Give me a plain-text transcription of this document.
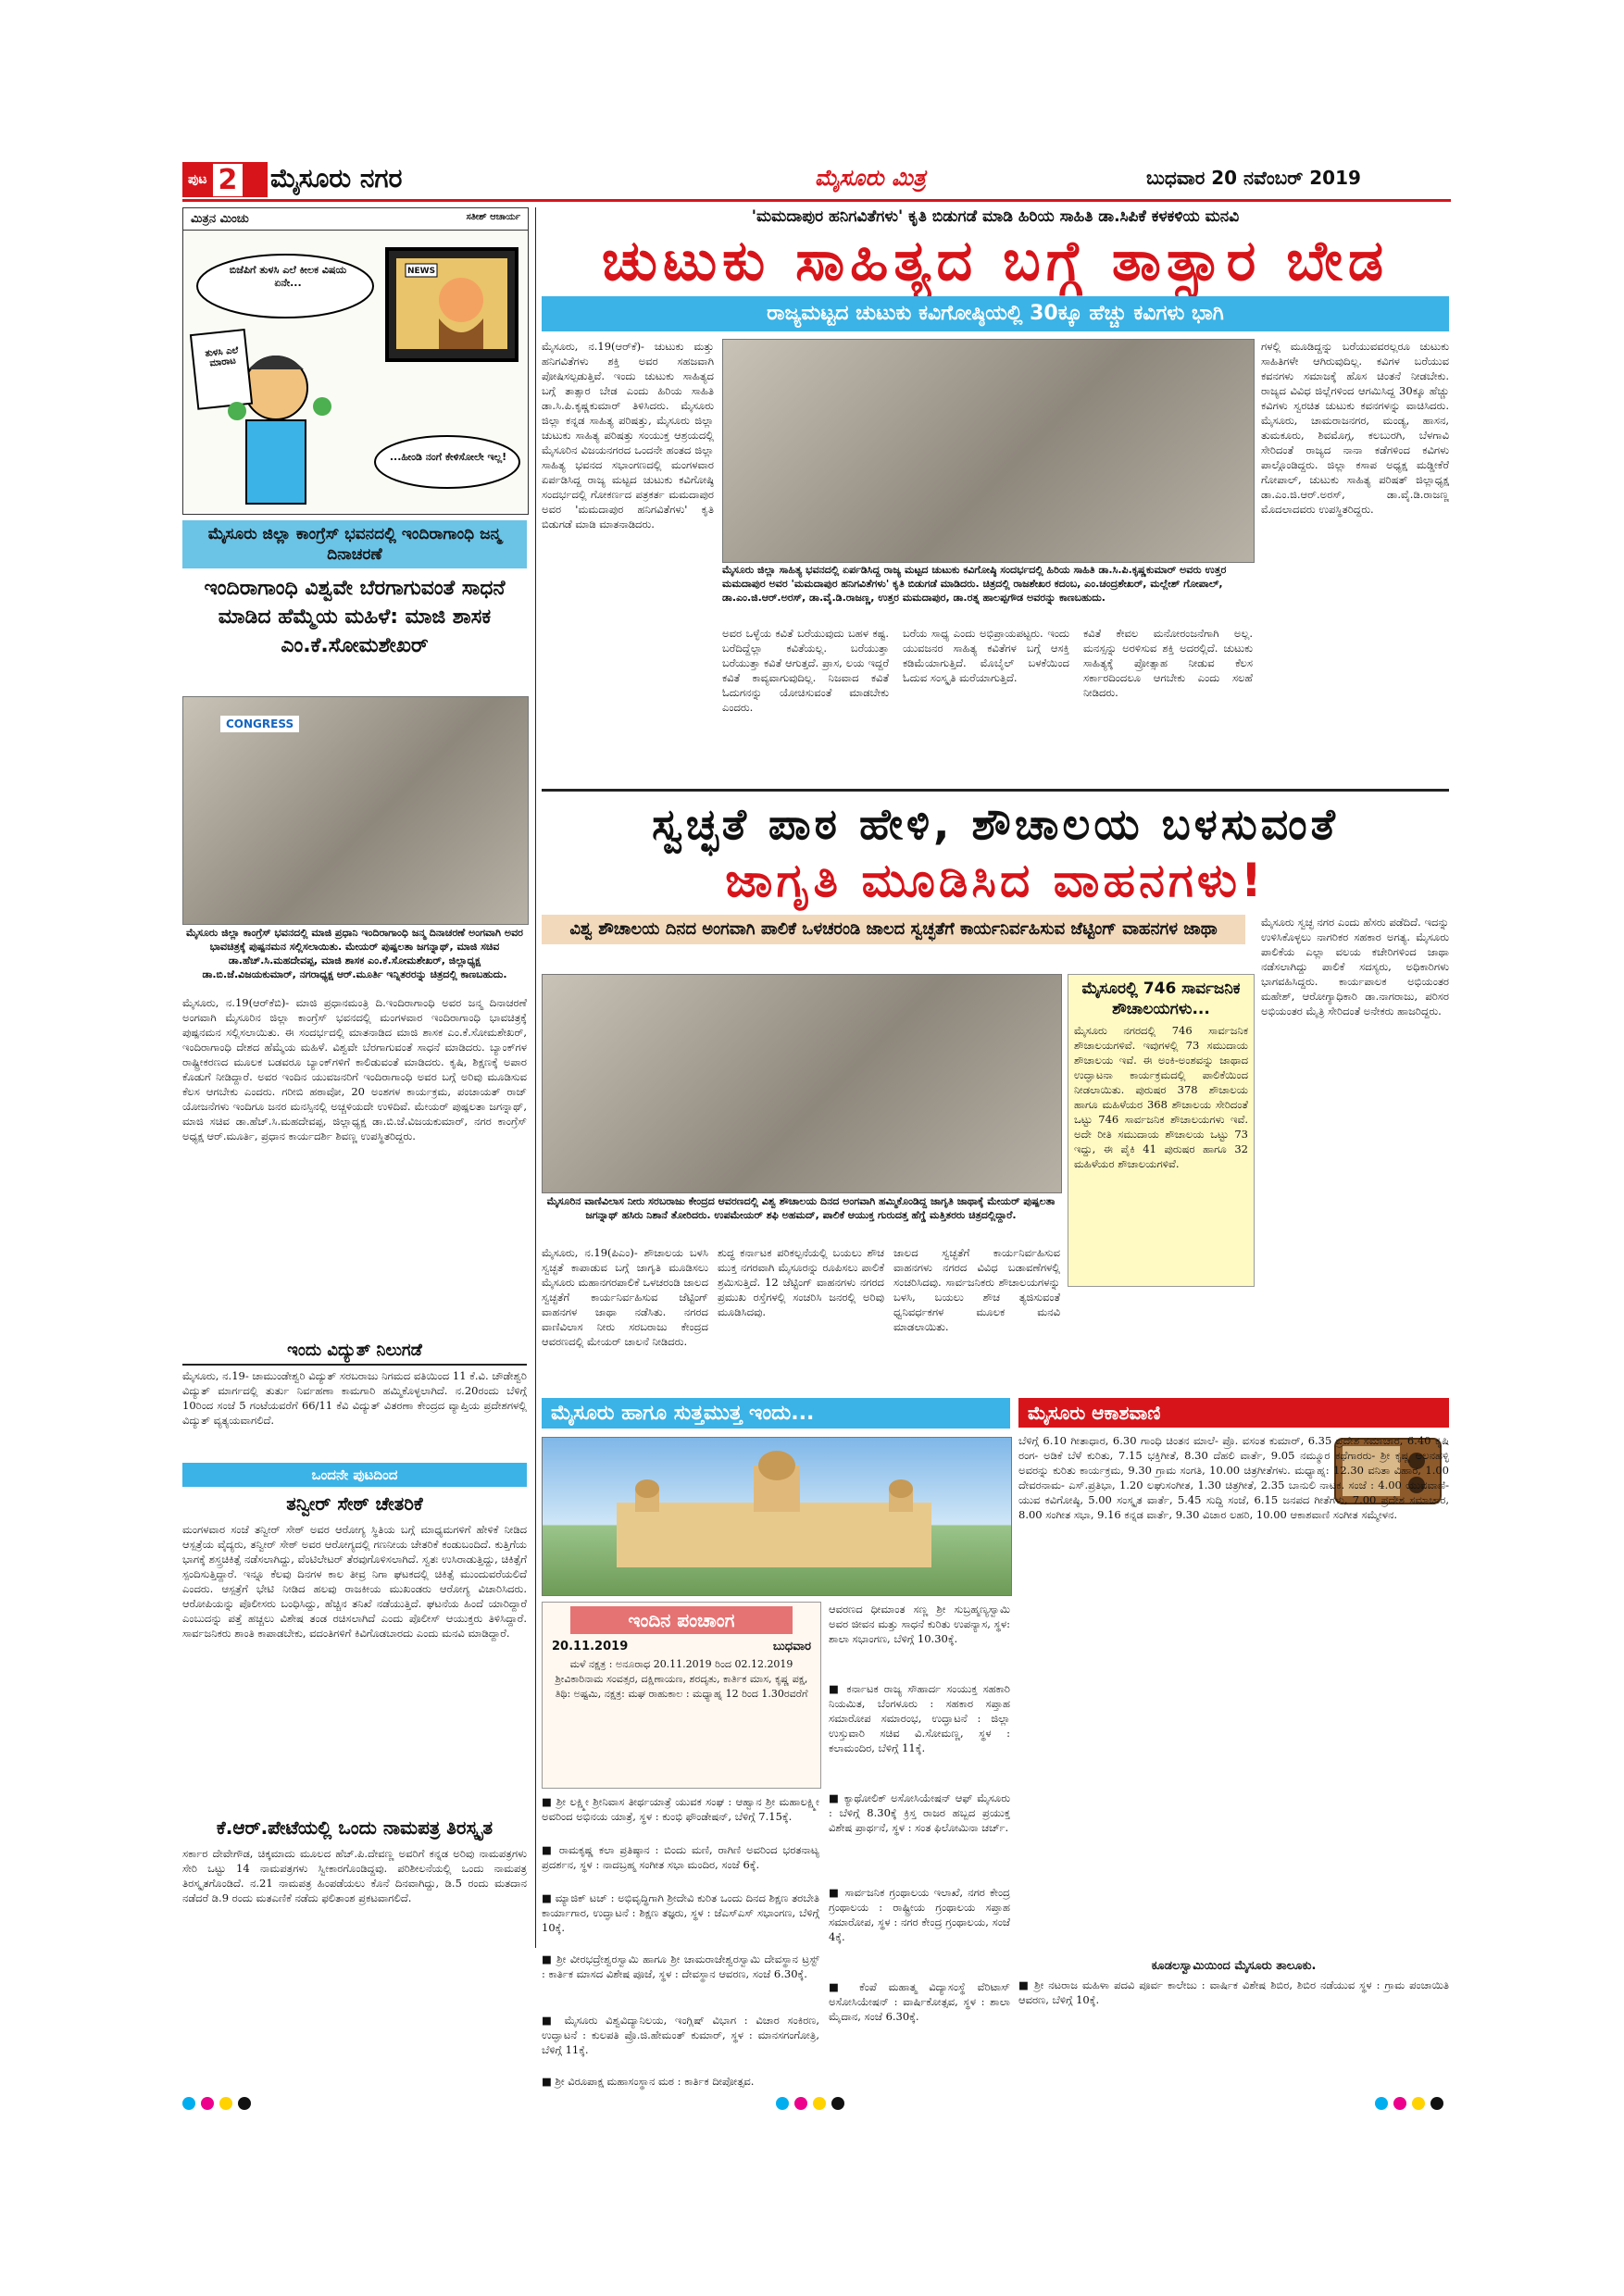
ಪುಟ 2 ಮೈಸೂರು ನಗರ	ಮೈಸೂರು ಮಿತ್ರ	ಬುಧವಾರ 20 ನವೆಂಬರ್ 2019
ಮಿತ್ರನ ಮಿಂಚು	ಸತೀಶ್ ಆಚಾರ್ಯ
ಬಿಜೆಪಿಗೆ ತುಳಸಿ ಎಲೆ ಕೀಲಕ ವಿಷಯ ಏನೇ...
NEWS
ತುಳಸಿ ಎಲೆ ಮಾರಾಟ
...ಹೀಂಡಿ ನಂಗೆ ಕೇಳಿಸೋಲೇ ಇಲ್ಲ!
ಮೈಸೂರು ಜಿಲ್ಲಾ ಕಾಂಗ್ರೆಸ್ ಭವನದಲ್ಲಿ ಇಂದಿರಾಗಾಂಧಿ ಜನ್ಮ ದಿನಾಚರಣೆ
ಇಂದಿರಾಗಾಂಧಿ ವಿಶ್ವವೇ ಬೆರಗಾಗುವಂತೆ ಸಾಧನೆ ಮಾಡಿದ ಹೆಮ್ಮೆಯ ಮಹಿಳೆ: ಮಾಜಿ ಶಾಸಕ ಎಂ.ಕೆ.ಸೋಮಶೇಖರ್
CONGRESS
ಮೈಸೂರು ಜಿಲ್ಲಾ ಕಾಂಗ್ರೆಸ್ ಭವನದಲ್ಲಿ ಮಾಜಿ ಪ್ರಧಾನಿ ಇಂದಿರಾಗಾಂಧಿ ಜನ್ಮ ದಿನಾಚರಣೆ ಅಂಗವಾಗಿ ಅವರ ಭಾವಚಿತ್ರಕ್ಕೆ ಪುಷ್ಪನಮನ ಸಲ್ಲಿಸಲಾಯಿತು. ಮೇಯರ್ ಪುಷ್ಪಲತಾ ಜಗನ್ನಾಥ್, ಮಾಜಿ ಸಚಿವ ಡಾ.ಹೆಚ್.ಸಿ.ಮಹದೇವಪ್ಪ, ಮಾಜಿ ಶಾಸಕ ಎಂ.ಕೆ.ಸೋಮಶೇಖರ್, ಜಿಲ್ಲಾಧ್ಯಕ್ಷ ಡಾ.ಬಿ.ಜೆ.ವಿಜಯಕುಮಾರ್, ನಗರಾಧ್ಯಕ್ಷ ಆರ್.ಮೂರ್ತಿ ಇನ್ನಿತರರನ್ನು ಚಿತ್ರದಲ್ಲಿ ಕಾಣಬಹುದು.
ಮೈಸೂರು, ನ.19(ಆರ್‌ಕೆಬಿ)- ಮಾಜಿ ಪ್ರಧಾನಮಂತ್ರಿ ದಿ.ಇಂದಿರಾಗಾಂಧಿ ಅವರ ಜನ್ಮ ದಿನಾಚರಣೆ ಅಂಗವಾಗಿ ಮೈಸೂರಿನ ಜಿಲ್ಲಾ ಕಾಂಗ್ರೆಸ್ ಭವನದಲ್ಲಿ ಮಂಗಳವಾರ ಇಂದಿರಾಗಾಂಧಿ ಭಾವಚಿತ್ರಕ್ಕೆ ಪುಷ್ಪನಮನ ಸಲ್ಲಿಸಲಾಯಿತು. ಈ ಸಂದರ್ಭದಲ್ಲಿ ಮಾತನಾಡಿದ ಮಾಜಿ ಶಾಸಕ ಎಂ.ಕೆ.ಸೋಮಶೇಖರ್, ಇಂದಿರಾಗಾಂಧಿ ದೇಶದ ಹೆಮ್ಮೆಯ ಮಹಿಳೆ. ವಿಶ್ವವೇ ಬೆರಗಾಗುವಂತೆ ಸಾಧನೆ ಮಾಡಿದರು. ಬ್ಯಾಂಕ್‌ಗಳ ರಾಷ್ಟ್ರೀಕರಣದ ಮೂಲಕ ಬಡವರೂ ಬ್ಯಾಂಕ್‌ಗಳಿಗೆ ಕಾಲಿಡುವಂತೆ ಮಾಡಿದರು. ಕೃಷಿ, ಶಿಕ್ಷಣಕ್ಕೆ ಅಪಾರ ಕೊಡುಗೆ ನೀಡಿದ್ದಾರೆ. ಅವರ ಇಂದಿನ ಯುವಜನರಿಗೆ ಇಂದಿರಾಗಾಂಧಿ ಅವರ ಬಗ್ಗೆ ಅರಿವು ಮೂಡಿಸುವ ಕೆಲಸ ಆಗಬೇಕು ಎಂದರು. ಗರೀಬಿ ಹಠಾವೋ, 20 ಅಂಶಗಳ ಕಾರ್ಯಕ್ರಮ, ಪಂಚಾಯತ್ ರಾಜ್ ಯೋಜನೆಗಳು ಇಂದಿಗೂ ಜನರ ಮನಸ್ಸಿನಲ್ಲಿ ಅಚ್ಚಳಿಯದೇ ಉಳಿದಿವೆ. ಮೇಯರ್ ಪುಷ್ಪಲತಾ ಜಗನ್ನಾಥ್, ಮಾಜಿ ಸಚಿವ ಡಾ.ಹೆಚ್.ಸಿ.ಮಹದೇವಪ್ಪ, ಜಿಲ್ಲಾಧ್ಯಕ್ಷ ಡಾ.ಬಿ.ಜೆ.ವಿಜಯಕುಮಾರ್, ನಗರ ಕಾಂಗ್ರೆಸ್ ಅಧ್ಯಕ್ಷ ಆರ್.ಮೂರ್ತಿ, ಪ್ರಧಾನ ಕಾರ್ಯದರ್ಶಿ ಶಿವಣ್ಣ ಉಪಸ್ಥಿತರಿದ್ದರು.
ಇಂದು ವಿದ್ಯುತ್ ನಿಲುಗಡೆ
ಮೈಸೂರು, ನ.19- ಚಾಮುಂಡೇಶ್ವರಿ ವಿದ್ಯುತ್ ಸರಬರಾಜು ನಿಗಮದ ವತಿಯಿಂದ 11 ಕೆ.ವಿ. ಚೌಡೇಶ್ವರಿ ವಿದ್ಯುತ್ ಮಾರ್ಗದಲ್ಲಿ ತುರ್ತು ನಿರ್ವಹಣಾ ಕಾಮಗಾರಿ ಹಮ್ಮಿಕೊಳ್ಳಲಾಗಿದೆ. ನ.20ರಂದು ಬೆಳಿಗ್ಗೆ 10ರಿಂದ ಸಂಜೆ 5 ಗಂಟೆಯವರೆಗೆ 66/11 ಕೆವಿ ವಿದ್ಯುತ್ ವಿತರಣಾ ಕೇಂದ್ರದ ವ್ಯಾಪ್ತಿಯ ಪ್ರದೇಶಗಳಲ್ಲಿ ವಿದ್ಯುತ್ ವ್ಯತ್ಯಯವಾಗಲಿದೆ.
ಒಂದನೇ ಪುಟದಿಂದ
ತನ್ವೀರ್ ಸೇಠ್ ಚೇತರಿಕೆ
ಮಂಗಳವಾರ ಸಂಜೆ ತನ್ವೀರ್ ಸೇಠ್ ಅವರ ಆರೋಗ್ಯ ಸ್ಥಿತಿಯ ಬಗ್ಗೆ ಮಾಧ್ಯಮಗಳಿಗೆ ಹೇಳಿಕೆ ನೀಡಿದ ಆಸ್ಪತ್ರೆಯ ವೈದ್ಯರು, ತನ್ವೀರ್ ಸೇಠ್ ಅವರ ಆರೋಗ್ಯದಲ್ಲಿ ಗಣನೀಯ ಚೇತರಿಕೆ ಕಂಡುಬಂದಿದೆ. ಕುತ್ತಿಗೆಯ ಭಾಗಕ್ಕೆ ಶಸ್ತ್ರಚಿಕಿತ್ಸೆ ನಡೆಸಲಾಗಿದ್ದು, ವೆಂಟಿಲೇಟರ್ ತೆರವುಗೊಳಿಸಲಾಗಿದೆ. ಸ್ವತಃ ಉಸಿರಾಡುತ್ತಿದ್ದು, ಚಿಕಿತ್ಸೆಗೆ ಸ್ಪಂದಿಸುತ್ತಿದ್ದಾರೆ. ಇನ್ನೂ ಕೆಲವು ದಿನಗಳ ಕಾಲ ತೀವ್ರ ನಿಗಾ ಘಟಕದಲ್ಲಿ ಚಿಕಿತ್ಸೆ ಮುಂದುವರೆಯಲಿದೆ ಎಂದರು. ಆಸ್ಪತ್ರೆಗೆ ಭೇಟಿ ನೀಡಿದ ಹಲವು ರಾಜಕೀಯ ಮುಖಂಡರು ಆರೋಗ್ಯ ವಿಚಾರಿಸಿದರು. ಆರೋಪಿಯನ್ನು ಪೊಲೀಸರು ಬಂಧಿಸಿದ್ದು, ಹೆಚ್ಚಿನ ತನಿಖೆ ನಡೆಯುತ್ತಿದೆ. ಘಟನೆಯ ಹಿಂದೆ ಯಾರಿದ್ದಾರೆ ಎಂಬುದನ್ನು ಪತ್ತೆ ಹಚ್ಚಲು ವಿಶೇಷ ತಂಡ ರಚಿಸಲಾಗಿದೆ ಎಂದು ಪೊಲೀಸ್ ಆಯುಕ್ತರು ತಿಳಿಸಿದ್ದಾರೆ. ಸಾರ್ವಜನಿಕರು ಶಾಂತಿ ಕಾಪಾಡಬೇಕು, ವದಂತಿಗಳಿಗೆ ಕಿವಿಗೊಡಬಾರದು ಎಂದು ಮನವಿ ಮಾಡಿದ್ದಾರೆ.
ಕೆ.ಆರ್.ಪೇಟೆಯಲ್ಲಿ ಒಂದು ನಾಮಪತ್ರ ತಿರಸ್ಕೃತ
ಸರ್ಕಾರ ದೇವೇಗೌಡ, ಚಿಕ್ಕಮಾದು ಮೂಲದ ಹೆಚ್.ಪಿ.ದೇವಣ್ಣ ಅವರಿಗೆ ಕನ್ನಡ ಅರಿವು ನಾಮಪತ್ರಗಳು ಸೇರಿ ಒಟ್ಟು 14 ನಾಮಪತ್ರಗಳು ಸ್ವೀಕಾರಗೊಂಡಿದ್ದವು. ಪರಿಶೀಲನೆಯಲ್ಲಿ ಒಂದು ನಾಮಪತ್ರ ತಿರಸ್ಕೃತಗೊಂಡಿದೆ. ನ.21 ನಾಮಪತ್ರ ಹಿಂಪಡೆಯಲು ಕೊನೆ ದಿನವಾಗಿದ್ದು, ಡಿ.5 ರಂದು ಮತದಾನ ನಡೆದರೆ ಡಿ.9 ರಂದು ಮತಎಣಿಕೆ ನಡೆದು ಫಲಿತಾಂಶ ಪ್ರಕಟವಾಗಲಿದೆ.
'ಮಮದಾಪುರ ಹನಿಗವಿತೆಗಳು' ಕೃತಿ ಬಿಡುಗಡೆ ಮಾಡಿ ಹಿರಿಯ ಸಾಹಿತಿ ಡಾ.ಸಿಪಿಕೆ ಕಳಕಳಿಯ ಮನವಿ
ಚುಟುಕು ಸಾಹಿತ್ಯದ ಬಗ್ಗೆ ತಾತ್ಸಾರ ಬೇಡ
ರಾಜ್ಯಮಟ್ಟದ ಚುಟುಕು ಕವಿಗೋಷ್ಠಿಯಲ್ಲಿ 30ಕ್ಕೂ ಹೆಚ್ಚು ಕವಿಗಳು ಭಾಗಿ
ಮೈಸೂರು, ನ.19(ಆರ್‌ಕೆ)- ಚುಟುಕು ಮತ್ತು ಹನಿಗವಿತೆಗಳು ಶಕ್ತಿ ಅವರ ಸಹಜವಾಗಿ ಪೋಷಿಸಲ್ಪಡುತ್ತಿವೆ. ಇಂದು ಚುಟುಕು ಸಾಹಿತ್ಯದ ಬಗ್ಗೆ ತಾತ್ಸಾರ ಬೇಡ ಎಂದು ಹಿರಿಯ ಸಾಹಿತಿ ಡಾ.ಸಿ.ಪಿ.ಕೃಷ್ಣಕುಮಾರ್ ತಿಳಿಸಿದರು. ಮೈಸೂರು ಜಿಲ್ಲಾ ಕನ್ನಡ ಸಾಹಿತ್ಯ ಪರಿಷತ್ತು, ಮೈಸೂರು ಜಿಲ್ಲಾ ಚುಟುಕು ಸಾಹಿತ್ಯ ಪರಿಷತ್ತು ಸಂಯುಕ್ತ ಆಶ್ರಯದಲ್ಲಿ ಮೈಸೂರಿನ ವಿಜಯನಗರದ ಒಂದನೇ ಹಂತದ ಜಿಲ್ಲಾ ಸಾಹಿತ್ಯ ಭವನದ ಸಭಾಂಗಣದಲ್ಲಿ ಮಂಗಳವಾರ ಏರ್ಪಡಿಸಿದ್ದ ರಾಜ್ಯ ಮಟ್ಟದ ಚುಟುಕು ಕವಿಗೋಷ್ಠಿ ಸಂದರ್ಭದಲ್ಲಿ ಗೋಕರ್ಣದ ಪತ್ರಕರ್ತ ಮಮದಾಪುರ ಅವರ 'ಮಮದಾಪುರ ಹನಿಗವಿತೆಗಳು' ಕೃತಿ ಬಿಡುಗಡೆ ಮಾಡಿ ಮಾತನಾಡಿದರು.
ಮೈಸೂರು ಜಿಲ್ಲಾ ಸಾಹಿತ್ಯ ಭವನದಲ್ಲಿ ಏರ್ಪಡಿಸಿದ್ದ ರಾಜ್ಯ ಮಟ್ಟದ ಚುಟುಕು ಕವಿಗೋಷ್ಠಿ ಸಂದರ್ಭದಲ್ಲಿ ಹಿರಿಯ ಸಾಹಿತಿ ಡಾ.ಸಿ.ಪಿ.ಕೃಷ್ಣಕುಮಾರ್ ಅವರು ಉತ್ತರ ಮಮದಾಪುರ ಅವರ 'ಮಮದಾಪುರ ಹನಿಗವಿತೆಗಳು' ಕೃತಿ ಬಿಡುಗಡೆ ಮಾಡಿದರು. ಚಿತ್ರದಲ್ಲಿ ರಾಜಶೇಖರ ಕದಂಬ, ಎಂ.ಚಂದ್ರಶೇಖರ್, ಮಲ್ಲೇಶ್ ಗೋಪಾಲ್, ಡಾ.ಎಂ.ಜಿ.ಆರ್.ಅರಸ್, ಡಾ.ವೈ.ಡಿ.ರಾಜಣ್ಣ, ಉತ್ತರ ಮಮದಾಪುರ, ಡಾ.ರತ್ನ ಹಾಲಪ್ಪಗೌಡ ಅವರನ್ನು ಕಾಣಬಹುದು.
ಗಳಲ್ಲಿ ಮೂಡಿದ್ದನ್ನು ಬರೆಯುವವರಲ್ಲರೂ ಚುಟುಕು ಸಾಹಿತಿಗಳೇ ಆಗಿರುವುದಿಲ್ಲ. ಕವಿಗಳ ಬರೆಯುವ ಕವನಗಳು ಸಮಾಜಕ್ಕೆ ಹೊಸ ಚಿಂತನೆ ನೀಡಬೇಕು. ರಾಜ್ಯದ ವಿವಿಧ ಜಿಲ್ಲೆಗಳಿಂದ ಆಗಮಿಸಿದ್ದ 30ಕ್ಕೂ ಹೆಚ್ಚು ಕವಿಗಳು ಸ್ವರಚಿತ ಚುಟುಕು ಕವನಗಳನ್ನು ವಾಚಿಸಿದರು. ಮೈಸೂರು, ಚಾಮರಾಜನಗರ, ಮಂಡ್ಯ, ಹಾಸನ, ತುಮಕೂರು, ಶಿವಮೊಗ್ಗ, ಕಲಬುರಗಿ, ಬೆಳಗಾವಿ ಸೇರಿದಂತೆ ರಾಜ್ಯದ ನಾನಾ ಕಡೆಗಳಿಂದ ಕವಿಗಳು ಪಾಲ್ಗೊಂಡಿದ್ದರು. ಜಿಲ್ಲಾ ಕಸಾಪ ಅಧ್ಯಕ್ಷ ಮಡ್ಡೀಕೆರೆ ಗೋಪಾಲ್, ಚುಟುಕು ಸಾಹಿತ್ಯ ಪರಿಷತ್ ಜಿಲ್ಲಾಧ್ಯಕ್ಷ ಡಾ.ಎಂ.ಜಿ.ಆರ್.ಅರಸ್, ಡಾ.ವೈ.ಡಿ.ರಾಜಣ್ಣ ಮೊದಲಾದವರು ಉಪಸ್ಥಿತರಿದ್ದರು.
ಅವರ ಒಳ್ಳೆಯ ಕವಿತೆ ಬರೆಯುವುದು ಬಹಳ ಕಷ್ಟ. ಬರೆದಿದ್ದೆಲ್ಲಾ ಕವಿತೆಯಲ್ಲ. ಬರೆಯುತ್ತಾ ಬರೆಯುತ್ತಾ ಕವಿತೆ ಆಗುತ್ತದೆ. ಪ್ರಾಸ, ಲಯ ಇದ್ದರೆ ಕವಿತೆ ಕಾವ್ಯವಾಗುವುದಿಲ್ಲ. ನಿಜವಾದ ಕವಿತೆ ಓದುಗನನ್ನು ಯೋಚಿಸುವಂತೆ ಮಾಡಬೇಕು ಎಂದರು.
ಬರೆಯ ಸಾಧ್ಯ ಎಂದು ಅಭಿಪ್ರಾಯಪಟ್ಟರು. ಇಂದು ಯುವಜನರ ಸಾಹಿತ್ಯ ಕವಿತೆಗಳ ಬಗ್ಗೆ ಆಸಕ್ತಿ ಕಡಿಮೆಯಾಗುತ್ತಿದೆ. ಮೊಬೈಲ್ ಬಳಕೆಯಿಂದ ಓದುವ ಸಂಸ್ಕೃತಿ ಮರೆಯಾಗುತ್ತಿದೆ.
ಕವಿತೆ ಕೇವಲ ಮನೋರಂಜನೆಗಾಗಿ ಅಲ್ಲ. ಮನಸ್ಸನ್ನು ಅರಳಿಸುವ ಶಕ್ತಿ ಅದರಲ್ಲಿದೆ. ಚುಟುಕು ಸಾಹಿತ್ಯಕ್ಕೆ ಪ್ರೋತ್ಸಾಹ ನೀಡುವ ಕೆಲಸ ಸರ್ಕಾರದಿಂದಲೂ ಆಗಬೇಕು ಎಂದು ಸಲಹೆ ನೀಡಿದರು.
ಸ್ವಚ್ಛತೆ ಪಾಠ ಹೇಳಿ, ಶೌಚಾಲಯ ಬಳಸುವಂತೆ
ಜಾಗೃತಿ ಮೂಡಿಸಿದ ವಾಹನಗಳು!
ವಿಶ್ವ ಶೌಚಾಲಯ ದಿನದ ಅಂಗವಾಗಿ ಪಾಲಿಕೆ ಒಳಚರಂಡಿ ಜಾಲದ ಸ್ವಚ್ಛತೆಗೆ ಕಾರ್ಯನಿರ್ವಹಿಸುವ ಜೆಟ್ಟಿಂಗ್ ವಾಹನಗಳ ಜಾಥಾ	ಮೈಸೂರು ಸ್ವಚ್ಛ ನಗರ ಎಂದು ಹೆಸರು ಪಡೆದಿದೆ. ಇದನ್ನು ಉಳಿಸಿಕೊಳ್ಳಲು ನಾಗರಿಕರ ಸಹಕಾರ ಅಗತ್ಯ. ಮೈಸೂರು ಪಾಲಿಕೆಯ ಎಲ್ಲಾ ವಲಯ ಕಚೇರಿಗಳಿಂದ ಜಾಥಾ ನಡೆಸಲಾಗಿದ್ದು ಪಾಲಿಕೆ ಸದಸ್ಯರು, ಅಧಿಕಾರಿಗಳು ಭಾಗವಹಿಸಿದ್ದರು. ಕಾರ್ಯಪಾಲಕ ಅಭಿಯಂತರ ಮಹೇಶ್, ಆರೋಗ್ಯಾಧಿಕಾರಿ ಡಾ.ನಾಗರಾಜು, ಪರಿಸರ ಅಭಿಯಂತರ ಮೈತ್ರಿ ಸೇರಿದಂತೆ ಅನೇಕರು ಹಾಜರಿದ್ದರು.
ಮೈಸೂರಿನ ವಾಣಿವಿಲಾಸ ನೀರು ಸರಬರಾಜು ಕೇಂದ್ರದ ಆವರಣದಲ್ಲಿ ವಿಶ್ವ ಶೌಚಾಲಯ ದಿನದ ಅಂಗವಾಗಿ ಹಮ್ಮಿಕೊಂಡಿದ್ದ ಜಾಗೃತಿ ಜಾಥಾಕ್ಕೆ ಮೇಯರ್ ಪುಷ್ಪಲತಾ ಜಗನ್ನಾಥ್ ಹಸಿರು ನಿಶಾನೆ ತೋರಿದರು. ಉಪಮೇಯರ್ ಶಫಿ ಅಹಮದ್, ಪಾಲಿಕೆ ಆಯುಕ್ತ ಗುರುದತ್ತ ಹೆಗ್ಡೆ ಮತ್ತಿತರರು ಚಿತ್ರದಲ್ಲಿದ್ದಾರೆ.
ಮೈಸೂರಲ್ಲಿ 746 ಸಾರ್ವಜನಿಕ ಶೌಚಾಲಯಗಳು...
ಮೈಸೂರು ನಗರದಲ್ಲಿ 746 ಸಾರ್ವಜನಿಕ ಶೌಚಾಲಯಗಳಿವೆ. ಇವುಗಳಲ್ಲಿ 73 ಸಮುದಾಯ ಶೌಚಾಲಯ ಇವೆ. ಈ ಅಂಕಿ-ಅಂಶವನ್ನು ಜಾಥಾದ ಉದ್ಘಾಟನಾ ಕಾರ್ಯಕ್ರಮದಲ್ಲಿ ಪಾಲಿಕೆಯಿಂದ ನೀಡಲಾಯಿತು. ಪುರುಷರ 378 ಶೌಚಾಲಯ ಹಾಗೂ ಮಹಿಳೆಯರ 368 ಶೌಚಾಲಯ ಸೇರಿದಂತೆ ಒಟ್ಟು 746 ಸಾರ್ವಜನಿಕ ಶೌಚಾಲಯಗಳು ಇವೆ. ಅದೇ ರೀತಿ ಸಮುದಾಯ ಶೌಚಾಲಯ ಒಟ್ಟು 73 ಇದ್ದು, ಈ ಪೈಕಿ 41 ಪುರುಷರ ಹಾಗೂ 32 ಮಹಿಳೆಯರ ಶೌಚಾಲಯಗಳಿವೆ.
ಮೈಸೂರು, ನ.19(ಪಿಎಂ)- ಶೌಚಾಲಯ ಬಳಸಿ ಸ್ವಚ್ಛತೆ ಕಾಪಾಡುವ ಬಗ್ಗೆ ಜಾಗೃತಿ ಮೂಡಿಸಲು ಮೈಸೂರು ಮಹಾನಗರಪಾಲಿಕೆ ಒಳಚರಂಡಿ ಜಾಲದ ಸ್ವಚ್ಛತೆಗೆ ಕಾರ್ಯನಿರ್ವಹಿಸುವ ಜೆಟ್ಟಿಂಗ್ ವಾಹನಗಳ ಜಾಥಾ ನಡೆಸಿತು. ನಗರದ ವಾಣಿವಿಲಾಸ ನೀರು ಸರಬರಾಜು ಕೇಂದ್ರದ ಆವರಣದಲ್ಲಿ ಮೇಯರ್ ಚಾಲನೆ ನೀಡಿದರು.
ಶುದ್ಧ ಕರ್ನಾಟಕ ಪರಿಕಲ್ಪನೆಯಲ್ಲಿ ಬಯಲು ಶೌಚ ಮುಕ್ತ ನಗರವಾಗಿ ಮೈಸೂರನ್ನು ರೂಪಿಸಲು ಪಾಲಿಕೆ ಶ್ರಮಿಸುತ್ತಿದೆ. 12 ಜೆಟ್ಟಿಂಗ್ ವಾಹನಗಳು ನಗರದ ಪ್ರಮುಖ ರಸ್ತೆಗಳಲ್ಲಿ ಸಂಚರಿಸಿ ಜನರಲ್ಲಿ ಅರಿವು ಮೂಡಿಸಿದವು.
ಜಾಲದ ಸ್ವಚ್ಛತೆಗೆ ಕಾರ್ಯನಿರ್ವಹಿಸುವ ವಾಹನಗಳು ನಗರದ ವಿವಿಧ ಬಡಾವಣೆಗಳಲ್ಲಿ ಸಂಚರಿಸಿದವು. ಸಾರ್ವಜನಿಕರು ಶೌಚಾಲಯಗಳನ್ನು ಬಳಸಿ, ಬಯಲು ಶೌಚ ತ್ಯಜಿಸುವಂತೆ ಧ್ವನಿವರ್ಧಕಗಳ ಮೂಲಕ ಮನವಿ ಮಾಡಲಾಯಿತು.
ಮೈಸೂರು ಹಾಗೂ ಸುತ್ತಮುತ್ತ ಇಂದು...
ಇಂದಿನ ಪಂಚಾಂಗ
20.11.2019	ಬುಧವಾರ
ಮಳೆ ನಕ್ಷತ್ರ : ಅನೂರಾಧ 20.11.2019 ರಿಂದ 02.12.2019 ಶ್ರೀವಿಕಾರಿನಾಮ ಸಂವತ್ಸರ, ದಕ್ಷಿಣಾಯಣ, ಶರದೃತು, ಕಾರ್ತಿಕ ಮಾಸ, ಕೃಷ್ಣ ಪಕ್ಷ, ತಿಥಿ: ಅಷ್ಟಮಿ, ನಕ್ಷತ್ರ: ಮಘ ರಾಹುಕಾಲ : ಮಧ್ಯಾಹ್ನ 12 ರಿಂದ 1.30ರವರೆಗೆ
■ ಶ್ರೀ ಲಕ್ಷ್ಮೀ ಶ್ರೀನಿವಾಸ ತೀರ್ಥಯಾತ್ರೆ ಯುವಕ ಸಂಘ : ಆಹ್ವಾನ ಶ್ರೀ ಮಹಾಲಕ್ಷ್ಮೀ ಅವರಿಂದ ಅಭಿನಯ ಯಾತ್ರೆ, ಸ್ಥಳ : ಕುಂಭಿ ಫೌಂಡೇಷನ್, ಬೆಳಿಗ್ಗೆ 7.15ಕ್ಕೆ.
■ ರಾಮಕೃಷ್ಣ ಕಲಾ ಪ್ರತಿಷ್ಠಾನ : ಬಿಂದು ಮಣಿ, ರಾಗಿಣಿ ಅವರಿಂದ ಭರತನಾಟ್ಯ ಪ್ರದರ್ಶನ, ಸ್ಥಳ : ನಾದಬ್ರಹ್ಮ ಸಂಗೀತ ಸಭಾ ಮಂದಿರ, ಸಂಜೆ 6ಕ್ಕೆ.
■ ಮ್ಯಾಜಿಕ್ ಟಚ್ : ಅಭಿವೃದ್ಧಿಗಾಗಿ ಶ್ರೀದೇವಿ ಕುರಿತ ಒಂದು ದಿನದ ಶಿಕ್ಷಣ ತರಬೇತಿ ಕಾರ್ಯಾಗಾರ, ಉದ್ಘಾಟನೆ : ಶಿಕ್ಷಣ ತಜ್ಞರು, ಸ್ಥಳ : ಜೆಎಸ್‌ಎಸ್ ಸಭಾಂಗಣ, ಬೆಳಿಗ್ಗೆ 10ಕ್ಕೆ.
■ ಶ್ರೀ ವೀರಭದ್ರೇಶ್ವರಸ್ವಾಮಿ ಹಾಗೂ ಶ್ರೀ ಚಾಮರಾಜೇಶ್ವರಸ್ವಾಮಿ ದೇವಸ್ಥಾನ ಟ್ರಸ್ಟ್ : ಕಾರ್ತಿಕ ಮಾಸದ ವಿಶೇಷ ಪೂಜೆ, ಸ್ಥಳ : ದೇವಸ್ಥಾನ ಆವರಣ, ಸಂಜೆ 6.30ಕ್ಕೆ.
■ ಮೈಸೂರು ವಿಶ್ವವಿದ್ಯಾನಿಲಯ, ಇಂಗ್ಲಿಷ್ ವಿಭಾಗ : ವಿಚಾರ ಸಂಕಿರಣ, ಉದ್ಘಾಟನೆ : ಕುಲಪತಿ ಪ್ರೊ.ಜಿ.ಹೇಮಂತ್ ಕುಮಾರ್, ಸ್ಥಳ : ಮಾನಸಗಂಗೋತ್ರಿ, ಬೆಳಿಗ್ಗೆ 11ಕ್ಕೆ.
■ ಶ್ರೀ ವಿರೂಪಾಕ್ಷ ಮಹಾಸಂಸ್ಥಾನ ಮಠ : ಕಾರ್ತಿಕ ದೀಪೋತ್ಸವ.
ಆವರಣದ ಧೀಮಾಂತ ಸಣ್ಣ ಶ್ರೀ ಸುಬ್ರಹ್ಮಣ್ಯಸ್ವಾಮಿ ಅವರ ಜೀವನ ಮತ್ತು ಸಾಧನೆ ಕುರಿತು ಉಪನ್ಯಾಸ, ಸ್ಥಳ: ಶಾಲಾ ಸಭಾಂಗಣ, ಬೆಳಿಗ್ಗೆ 10.30ಕ್ಕೆ.
■ ಕರ್ನಾಟಕ ರಾಜ್ಯ ಸೌಹಾರ್ದ ಸಂಯುಕ್ತ ಸಹಕಾರಿ ನಿಯಮಿತ, ಬೆಂಗಳೂರು : ಸಹಕಾರ ಸಪ್ತಾಹ ಸಮಾರೋಪ ಸಮಾರಂಭ, ಉದ್ಘಾಟನೆ : ಜಿಲ್ಲಾ ಉಸ್ತುವಾರಿ ಸಚಿವ ವಿ.ಸೋಮಣ್ಣ, ಸ್ಥಳ : ಕಲಾಮಂದಿರ, ಬೆಳಿಗ್ಗೆ 11ಕ್ಕೆ.
■ ಕ್ಯಾಥೋಲಿಕ್ ಅಸೋಸಿಯೇಷನ್ ಆಫ್ ಮೈಸೂರು : ಬೆಳಿಗ್ಗೆ 8.30ಕ್ಕೆ ಕ್ರಿಸ್ತ ರಾಜರ ಹಬ್ಬದ ಪ್ರಯುಕ್ತ ವಿಶೇಷ ಪ್ರಾರ್ಥನೆ, ಸ್ಥಳ : ಸಂತ ಫಿಲೋಮಿನಾ ಚರ್ಚ್.
■ ಸಾರ್ವಜನಿಕ ಗ್ರಂಥಾಲಯ ಇಲಾಖೆ, ನಗರ ಕೇಂದ್ರ ಗ್ರಂಥಾಲಯ : ರಾಷ್ಟ್ರೀಯ ಗ್ರಂಥಾಲಯ ಸಪ್ತಾಹ ಸಮಾರೋಪ, ಸ್ಥಳ : ನಗರ ಕೇಂದ್ರ ಗ್ರಂಥಾಲಯ, ಸಂಜೆ 4ಕ್ಕೆ.
■ ಕೆಂಪೆ ಮಹಾತ್ಮ ವಿದ್ಯಾಸಂಸ್ಥೆ ವೆರಿಟಾಸ್ ಅಸೋಸಿಯೇಷನ್ : ವಾರ್ಷಿಕೋತ್ಸವ, ಸ್ಥಳ : ಶಾಲಾ ಮೈದಾನ, ಸಂಜೆ 6.30ಕ್ಕೆ.
ಮೈಸೂರು ಆಕಾಶವಾಣಿ
ಬೆಳಿಗ್ಗೆ 6.10 ಗೀತಾಧಾರ, 6.30 ಗಾಂಧಿ ಚಿಂತನ ಮಾಲೆ- ಪ್ರೊ. ವಸಂತ ಕುಮಾರ್, 6.35 ಪ್ರದೇಶ ಸಮಾಚಾರ, 6.40 ಕೃಷಿ ರಂಗ- ಅಡಿಕೆ ಬೆಳೆ ಕುರಿತು, 7.15 ಭಕ್ತಿಗೀತೆ, 8.30 ದೆಹಲಿ ವಾರ್ತೆ, 9.05 ನಮ್ಮೂರ ಕಥೆಗಾರರು- ಶ್ರೀ ಕೃಷ್ಣ ಆಲನಹಳ್ಳಿ ಅವರನ್ನು ಕುರಿತು ಕಾರ್ಯಕ್ರಮ, 9.30 ಗ್ರಾಮ ಸಂಗತಿ, 10.00 ಚಿತ್ರಗೀತೆಗಳು. ಮಧ್ಯಾಹ್ನ: 12.30 ವನಿತಾ ವಿಹಾರ, 1.00 ದೇವರನಾಮ- ಎಸ್.ಪ್ರತಿಭಾ, 1.20 ಲಘುಸಂಗೀತ, 1.30 ಚಿತ್ರಗೀತೆ, 2.35 ಬಾನುಲಿ ನಾಟಕ. ಸಂಜೆ : 4.00 ಯುವವಾಣಿ- ಯುವ ಕವಿಗೋಷ್ಠಿ, 5.00 ಸಂಸ್ಕೃತ ವಾರ್ತೆ, 5.45 ಸುದ್ದಿ ಸಂಜೆ, 6.15 ಜನಪದ ಗೀತೆಗಳು, 7.00 ಪ್ರದೇಶ ಸಮಾಚಾರ, 8.00 ಸಂಗೀತ ಸಭಾ, 9.16 ಕನ್ನಡ ವಾರ್ತೆ, 9.30 ವಿಚಾರ ಲಹರಿ, 10.00 ಆಕಾಶವಾಣಿ ಸಂಗೀತ ಸಮ್ಮೇಳನ.
ಕೂಡಲಸ್ವಾಮಿಯಿಂದ ಮೈಸೂರು ತಾಲೂಕು.
■ ಶ್ರೀ ನಟರಾಜ ಮಹಿಳಾ ಪದವಿ ಪೂರ್ವ ಕಾಲೇಜು : ವಾರ್ಷಿಕ ವಿಶೇಷ ಶಿಬಿರ, ಶಿಬಿರ ನಡೆಯುವ ಸ್ಥಳ : ಗ್ರಾಮ ಪಂಚಾಯಿತಿ ಆವರಣ, ಬೆಳಿಗ್ಗೆ 10ಕ್ಕೆ.
